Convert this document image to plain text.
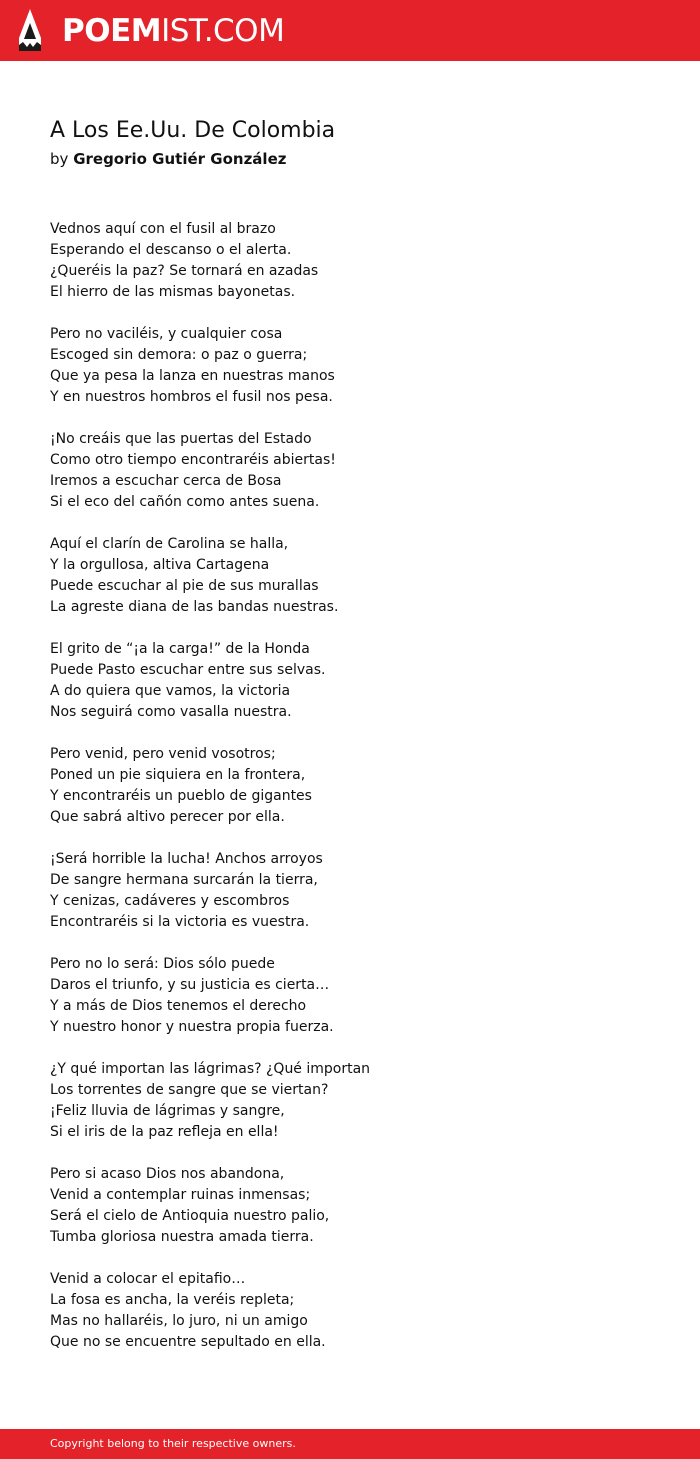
POEMIST.COM
A Los Ee.Uu. De Colombia
by Gregorio Gutiér González
Vednos aquí con el fusil al brazo
Esperando el descanso o el alerta.
¿Queréis la paz? Se tornará en azadas
El hierro de las mismas bayonetas.
Pero no vaciléis, y cualquier cosa
Escoged sin demora: o paz o guerra;
Que ya pesa la lanza en nuestras manos
Y en nuestros hombros el fusil nos pesa.
¡No creáis que las puertas del Estado
Como otro tiempo encontraréis abiertas!
Iremos a escuchar cerca de Bosa
Si el eco del cañón como antes suena.
Aquí el clarín de Carolina se halla,
Y la orgullosa, altiva Cartagena
Puede escuchar al pie de sus murallas
La agreste diana de las bandas nuestras.
El grito de “¡a la carga!” de la Honda
Puede Pasto escuchar entre sus selvas.
A do quiera que vamos, la victoria
Nos seguirá como vasalla nuestra.
Pero venid, pero venid vosotros;
Poned un pie siquiera en la frontera,
Y encontraréis un pueblo de gigantes
Que sabrá altivo perecer por ella.
¡Será horrible la lucha! Anchos arroyos
De sangre hermana surcarán la tierra,
Y cenizas, cadáveres y escombros
Encontraréis si la victoria es vuestra.
Pero no lo será: Dios sólo puede
Daros el triunfo, y su justicia es cierta…
Y a más de Dios tenemos el derecho
Y nuestro honor y nuestra propia fuerza.
¿Y qué importan las lágrimas? ¿Qué importan
Los torrentes de sangre que se viertan?
¡Feliz lluvia de lágrimas y sangre,
Si el iris de la paz refleja en ella!
Pero si acaso Dios nos abandona,
Venid a contemplar ruinas inmensas;
Será el cielo de Antioquia nuestro palio,
Tumba gloriosa nuestra amada tierra.
Venid a colocar el epitafio…
La fosa es ancha, la veréis repleta;
Mas no hallaréis, lo juro, ni un amigo
Que no se encuentre sepultado en ella.
Copyright belong to their respective owners.
